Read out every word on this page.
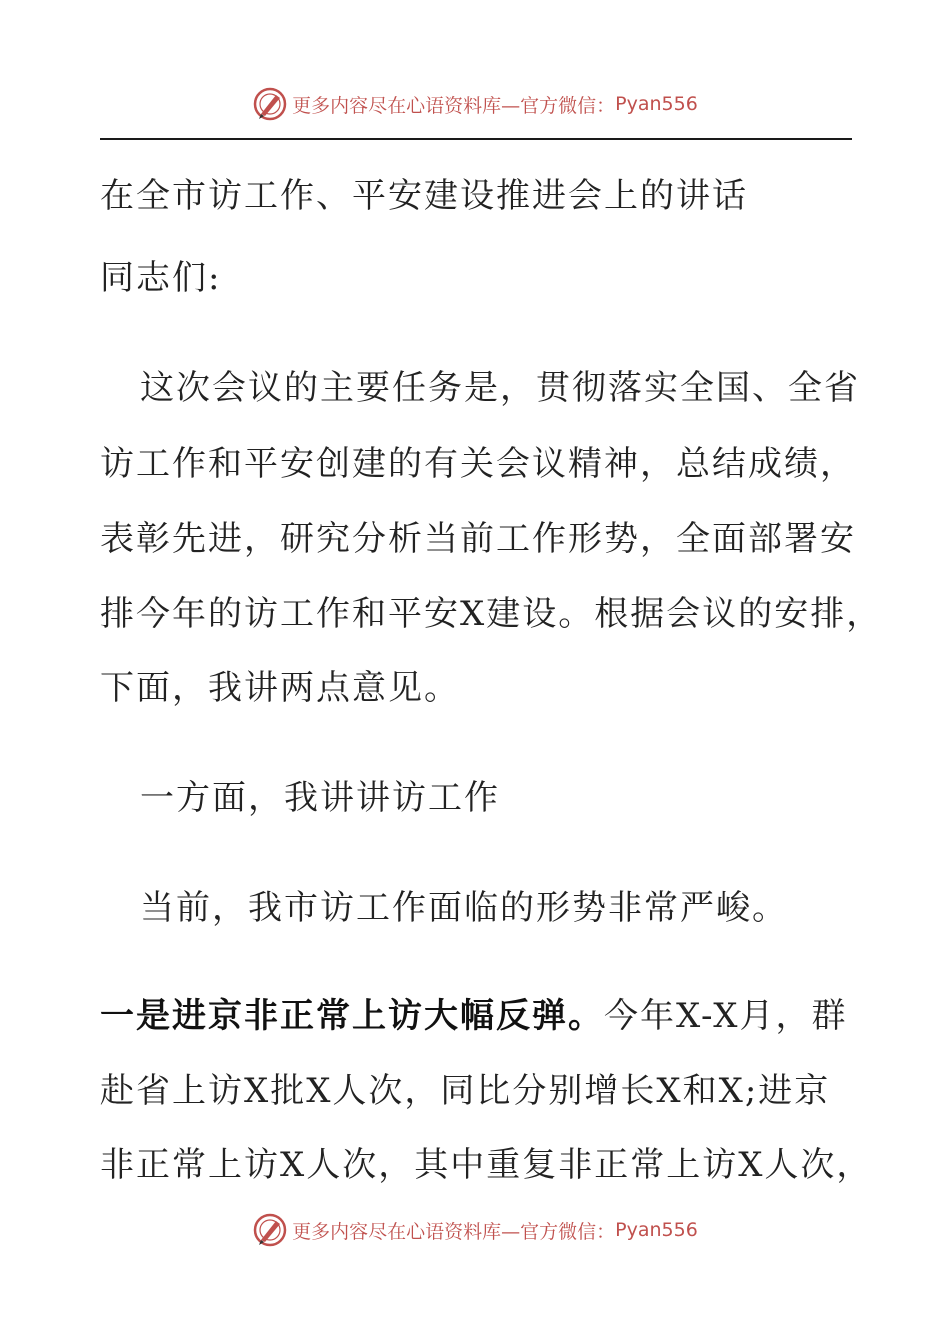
更多内容尽在心语资料库—官方微信： Pyan556
在全市访工作、平安建设推进会上的讲话
同志们:
这次会议的主要任务是，贯彻落实全国、全省
访工作和平安创建的有关会议精神，总结成绩，
表彰先进，研究分析当前工作形势，全面部署安
排今年的访工作和平安X建设。根据会议的安排，
下面，我讲两点意见。
一方面，我讲讲访工作
当前，我市访工作面临的形势非常严峻。
一是进京非正常上访大幅反弹。今年X-X月，群
赴省上访X批X人次，同比分别增长X和X;进京
非正常上访X人次，其中重复非正常上访X人次，
更多内容尽在心语资料库—官方微信： Pyan556
